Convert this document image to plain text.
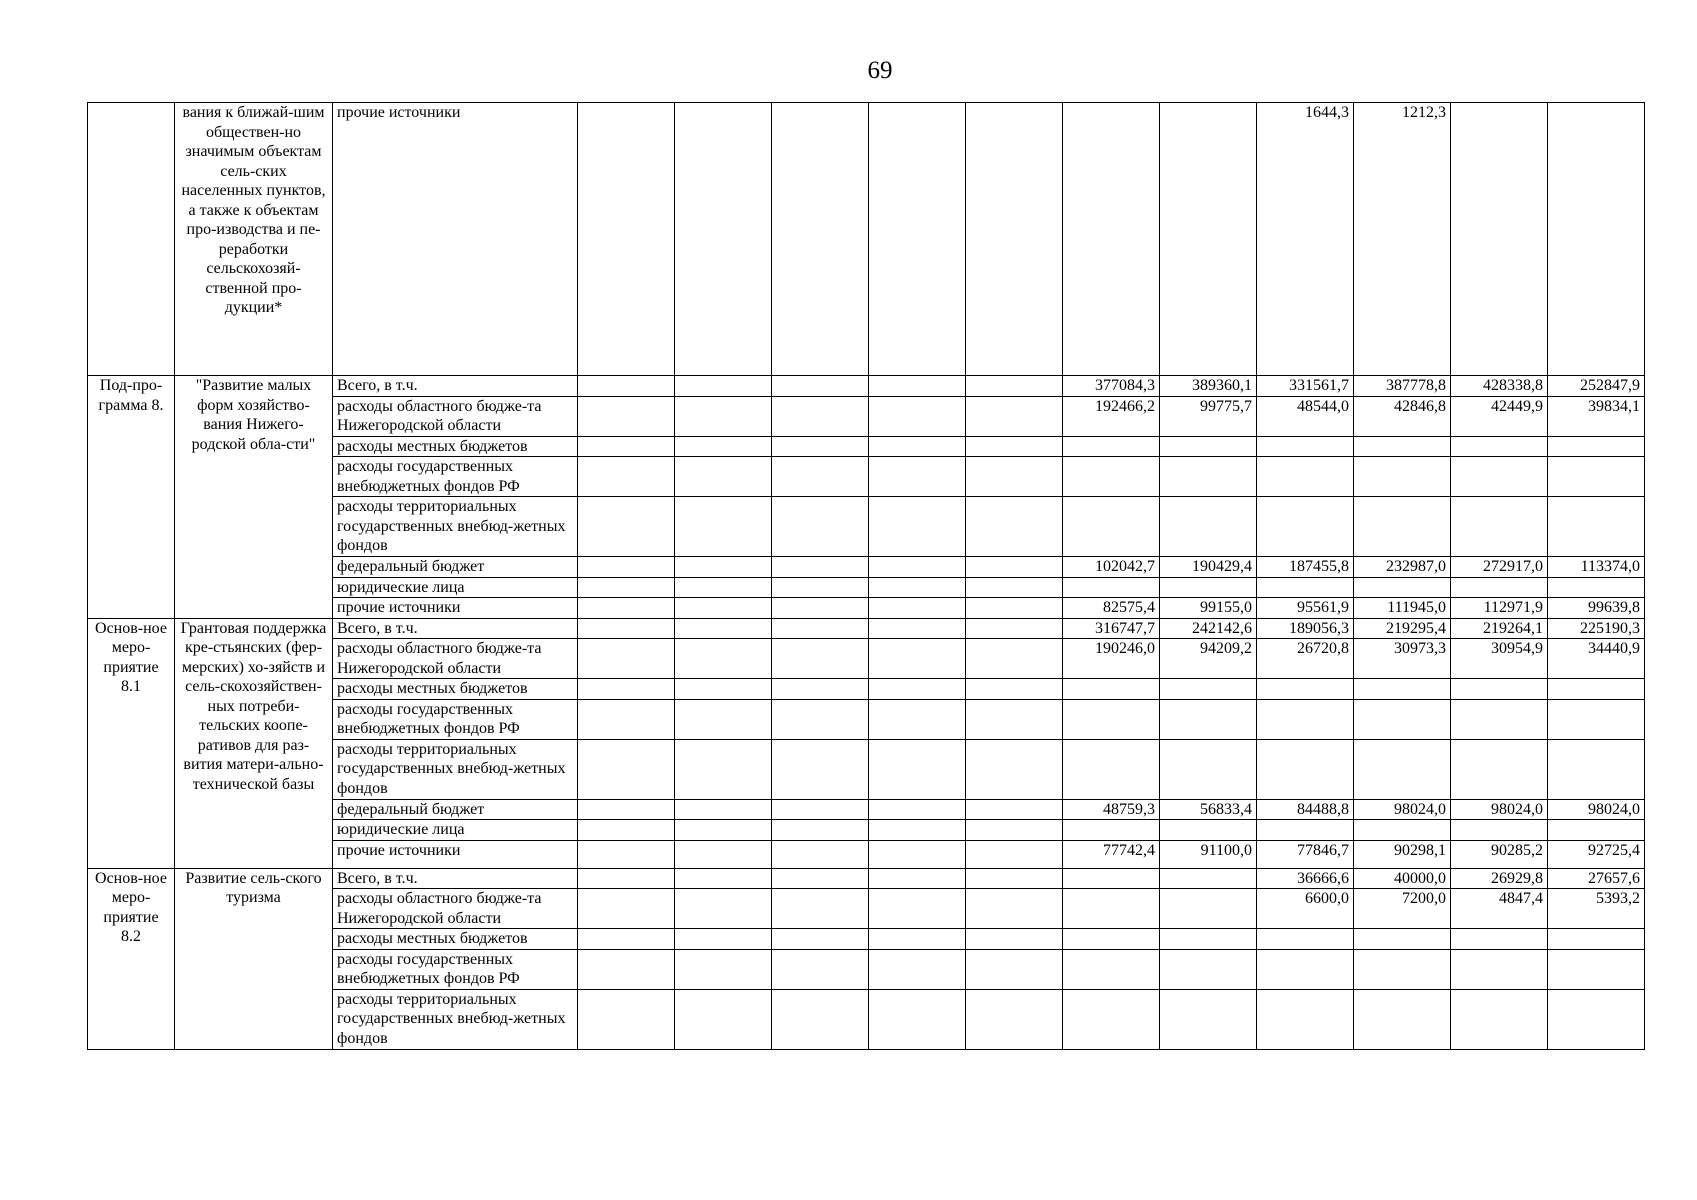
69
	вания к ближай-шим обществен-но значимым объектам сель-ских населенных пунктов, а также к объектам про-изводства и пе-реработки сельскохозяй-ственной про-дукции*	прочие источники								1644,3	1212,3		
Под-про-грамма 8.	"Развитие малых форм хозяйство-вания Нижего-родской обла-сти"	Всего, в т.ч.						377084,3	389360,1	331561,7	387778,8	428338,8	252847,9
		расходы областного бюдже-та Нижегородской области						192466,2	99775,7	48544,0	42846,8	42449,9	39834,1
		расходы местных бюджетов											
		расходы государственных внебюджетных фондов РФ											
		расходы территориальных государственных внебюд-жетных фондов											
		федеральный бюджет						102042,7	190429,4	187455,8	232987,0	272917,0	113374,0
		юридические лица											
		прочие источники						82575,4	99155,0	95561,9	111945,0	112971,9	99639,8
Основ-ное меро-приятие 8.1	Грантовая поддержка кре-стьянских (фер-мерских) хо-зяйств и сель-скохозяйствен-ных потреби-тельских коопе-ративов для раз-вития матери-ально-технической базы	Всего, в т.ч.						316747,7	242142,6	189056,3	219295,4	219264,1	225190,3
		расходы областного бюдже-та Нижегородской области						190246,0	94209,2	26720,8	30973,3	30954,9	34440,9
		расходы местных бюджетов											
		расходы государственных внебюджетных фондов РФ											
		расходы территориальных государственных внебюд-жетных фондов											
		федеральный бюджет						48759,3	56833,4	84488,8	98024,0	98024,0	98024,0
		юридические лица											
		прочие источники						77742,4	91100,0	77846,7	90298,1	90285,2	92725,4
Основ-ное меро-приятие 8.2	Развитие сель-ского туризма	Всего, в т.ч.								36666,6	40000,0	26929,8	27657,6
		расходы областного бюдже-та Нижегородской области								6600,0	7200,0	4847,4	5393,2
		расходы местных бюджетов											
		расходы государственных внебюджетных фондов РФ											
		расходы территориальных государственных внебюд-жетных фондов											
